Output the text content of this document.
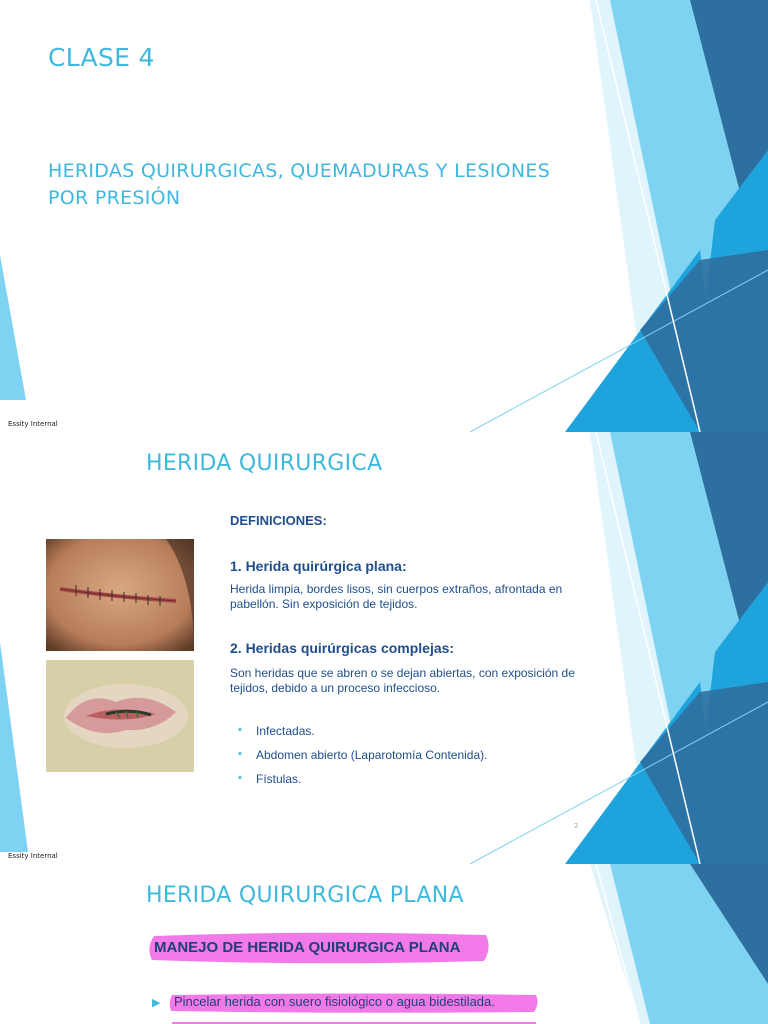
CLASE 4
HERIDAS QUIRURGICAS, QUEMADURAS Y LESIONES
POR PRESIÓN
Essity Internal
HERIDA QUIRURGICA
DEFINICIONES:
1. Herida quirúrgica plana:
Herida limpia, bordes lisos, sin cuerpos extraños, afrontada en
pabellón. Sin exposición de tejidos.
2. Heridas quirúrgicas complejas:
Son heridas que se abren o se dejan abiertas, con exposición de
tejidos, debido a un proceso infeccioso.
• Infectadas.
• Abdomen abierto (Laparotomía Contenida).
• Fístulas.
2
Essity Internal
HERIDA QUIRURGICA PLANA
MANEJO DE HERIDA QUIRURGICA PLANA
▶ Pincelar herida con suero fisiológico o agua bidestilada.
